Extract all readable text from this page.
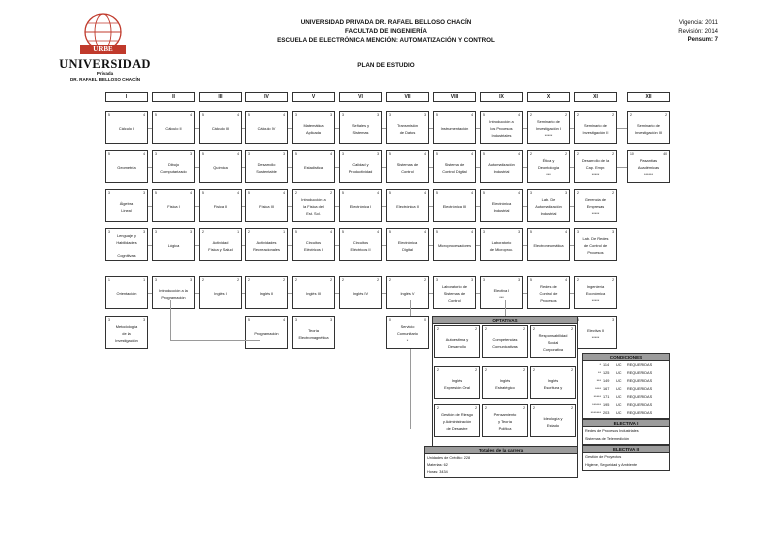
URBE
UNIVERSIDAD
Privada
DR. RAFAEL BELLOSO CHACÍN
UNIVERSIDAD PRIVADA DR. RAFAEL BELLOSO CHACÍN
FACULTAD DE INGENIERÍA
ESCUELA DE ELECTRÓNICA MENCIÓN: AUTOMATIZACIÓN Y CONTROL
PLAN DE ESTUDIO
Vigencia: 2011
Revisión: 2014
Pensum: 7
I	II	III	IV	V	VI	VII	VIII	IX	X	XI	XII
5	4
Cálculo I
5	4
Cálculo II
5	4
Cálculo III
5	4
Cálculo IV
3	3
Matemática
Aplicada
3	3
Señales y
Sistemas
3	3
Transmisión
de Datos
5	4
Instrumentación
5	4
Introducción a
los Procesos
Industriales
2	2
Seminario de
Investigación I
*****
2	2
Seminario de
Investigación II
2	2
Seminario de
Investigación III
5	4
Geometría
3	3
Dibujo
Computarizado
5	4
Química
3	3
Desarrollo
Sustentable
5	4
Estadística
3	3
Calidad y
Productividad
5	4
Sistemas de
Control
5	4
Sistema de
Control Digital
5	4
Automatización
Industrial
2	2
Ética y
Deontología
***
2	2
Desarrollo de la
Cap. Empr.
*****
10	40
Pasantías
Académicas
******
3	3
Álgebra
Lineal
5	4
Física I
5	4
Física II
5	4
Física III
2	2
Introducción a
la Física del
Est. Sol.
5	4
Electrónica I
5	4
Electrónica II
5	4
Electrónica III
5	4
Electrónica
Industrial
3	3
Lab. De
Automatización
Industrial
2	2
Gerencia de
Empresas
*****
3	3
Lenguaje y
Habilidades

Cognitivas
3	3
Lógica
2	1
Actividad
Física y Salud
2	1
Actividades
Recreacionales
5	4
Circuitos
Eléctricos I
5	4
Circuitos
Eléctricos II
5	4
Electrónica
Digital
5	4
Microprocesadores
3	3
Laboratorio
de Microproc.
5	4
Electroneumática
3	3
Lab. De Redes
de Control de
Procesos
1	1
Orientación
3	3
Introducción a la
Programación
2	2
Inglés I
2	2
Inglés II
2	2
Inglés III
2	2
Inglés IV
2	2
Inglés V
3	3
Laboratorio de
Sistemas de
Control
3	3
Electiva I
***
5	4
Redes de
Control de
Procesos
2	2
Ingeniería
Económica
*****
3	3
Metodología
de la
Investigación
5	4
Programación
3	3
Teoría
Electromagnética
0	0
Servicio
Comunitario
*
3
Electiva II
*****
OPTATIVAS
2	2
Autoestima y
Desarrollo
2	2
Competencias
Comunicativas
2	2
Responsabilidad
Social
Corporativa
2	2
Inglés
Expresión Oral
2	2
Inglés
Estratégico
2	2
Inglés
Escritura y
2	2
Gestión de Riesgo
y Administración
de Desastre
2	2
Pensamiento
y Teoría
Política
2	2
Ideología y
Estado
CONDICIONES
* 114	UC	REQUERIDAS
** 125	UC	REQUERIDAS
*** 149	UC	REQUERIDAS
**** 167	UC	REQUERIDAS
***** 171	UC	REQUERIDAS
****** 195	UC	REQUERIDAS
******* 203	UC	REQUERIDAS
ELECTIVA I
Redes de Procesos Industriales
Sistemas de Telemedición
ELECTIVA II
Gestión de Proyectos
Higiene, Seguridad y Ambiente
Totales de la carrera
Unidades de Crédito: 228
Materias: 62
Horas: 3434
